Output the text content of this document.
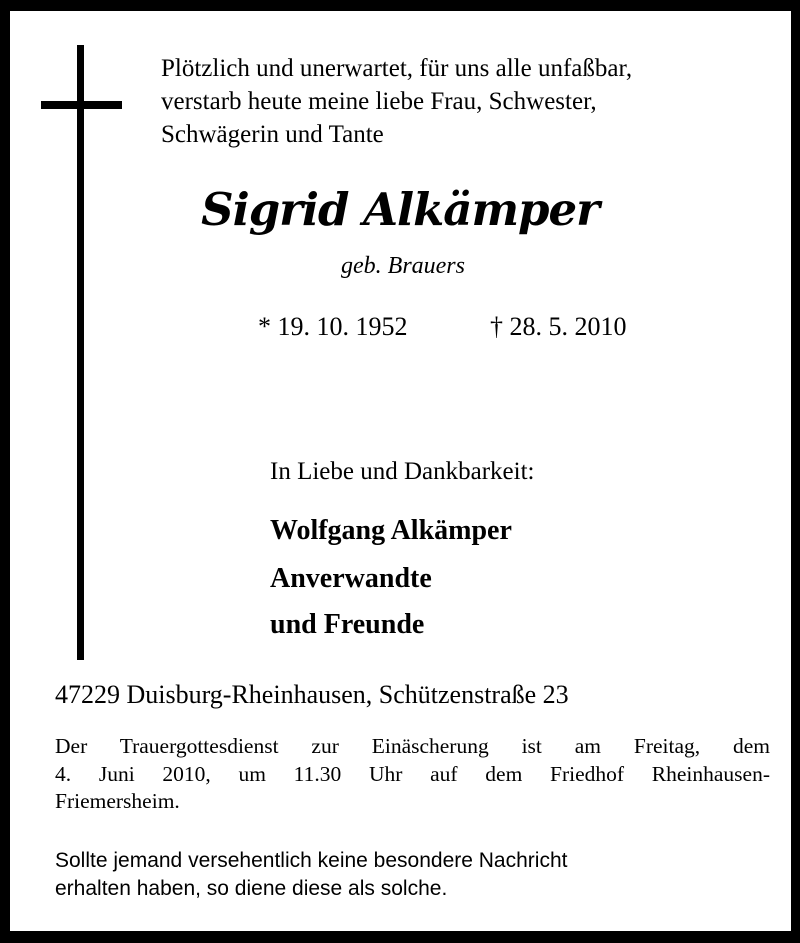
Plötzlich und unerwartet, für uns alle unfaßbar,
verstarb heute meine liebe Frau, Schwester,
Schwägerin und Tante

Sigrid Alkämper

geb. Brauers

* 19. 10. 1952	† 28. 5. 2010

In Liebe und Dankbarkeit:

Wolfgang Alkämper

Anverwandte

und Freunde

47229 Duisburg-Rheinhausen, Schützenstraße 23

Der Trauergottesdienst zur Einäscherung ist am Freitag, dem
4. Juni 2010, um 11.30 Uhr auf dem Friedhof Rheinhausen-
Friemersheim.

Sollte jemand versehentlich keine besondere Nachricht
erhalten haben, so diene diese als solche.
